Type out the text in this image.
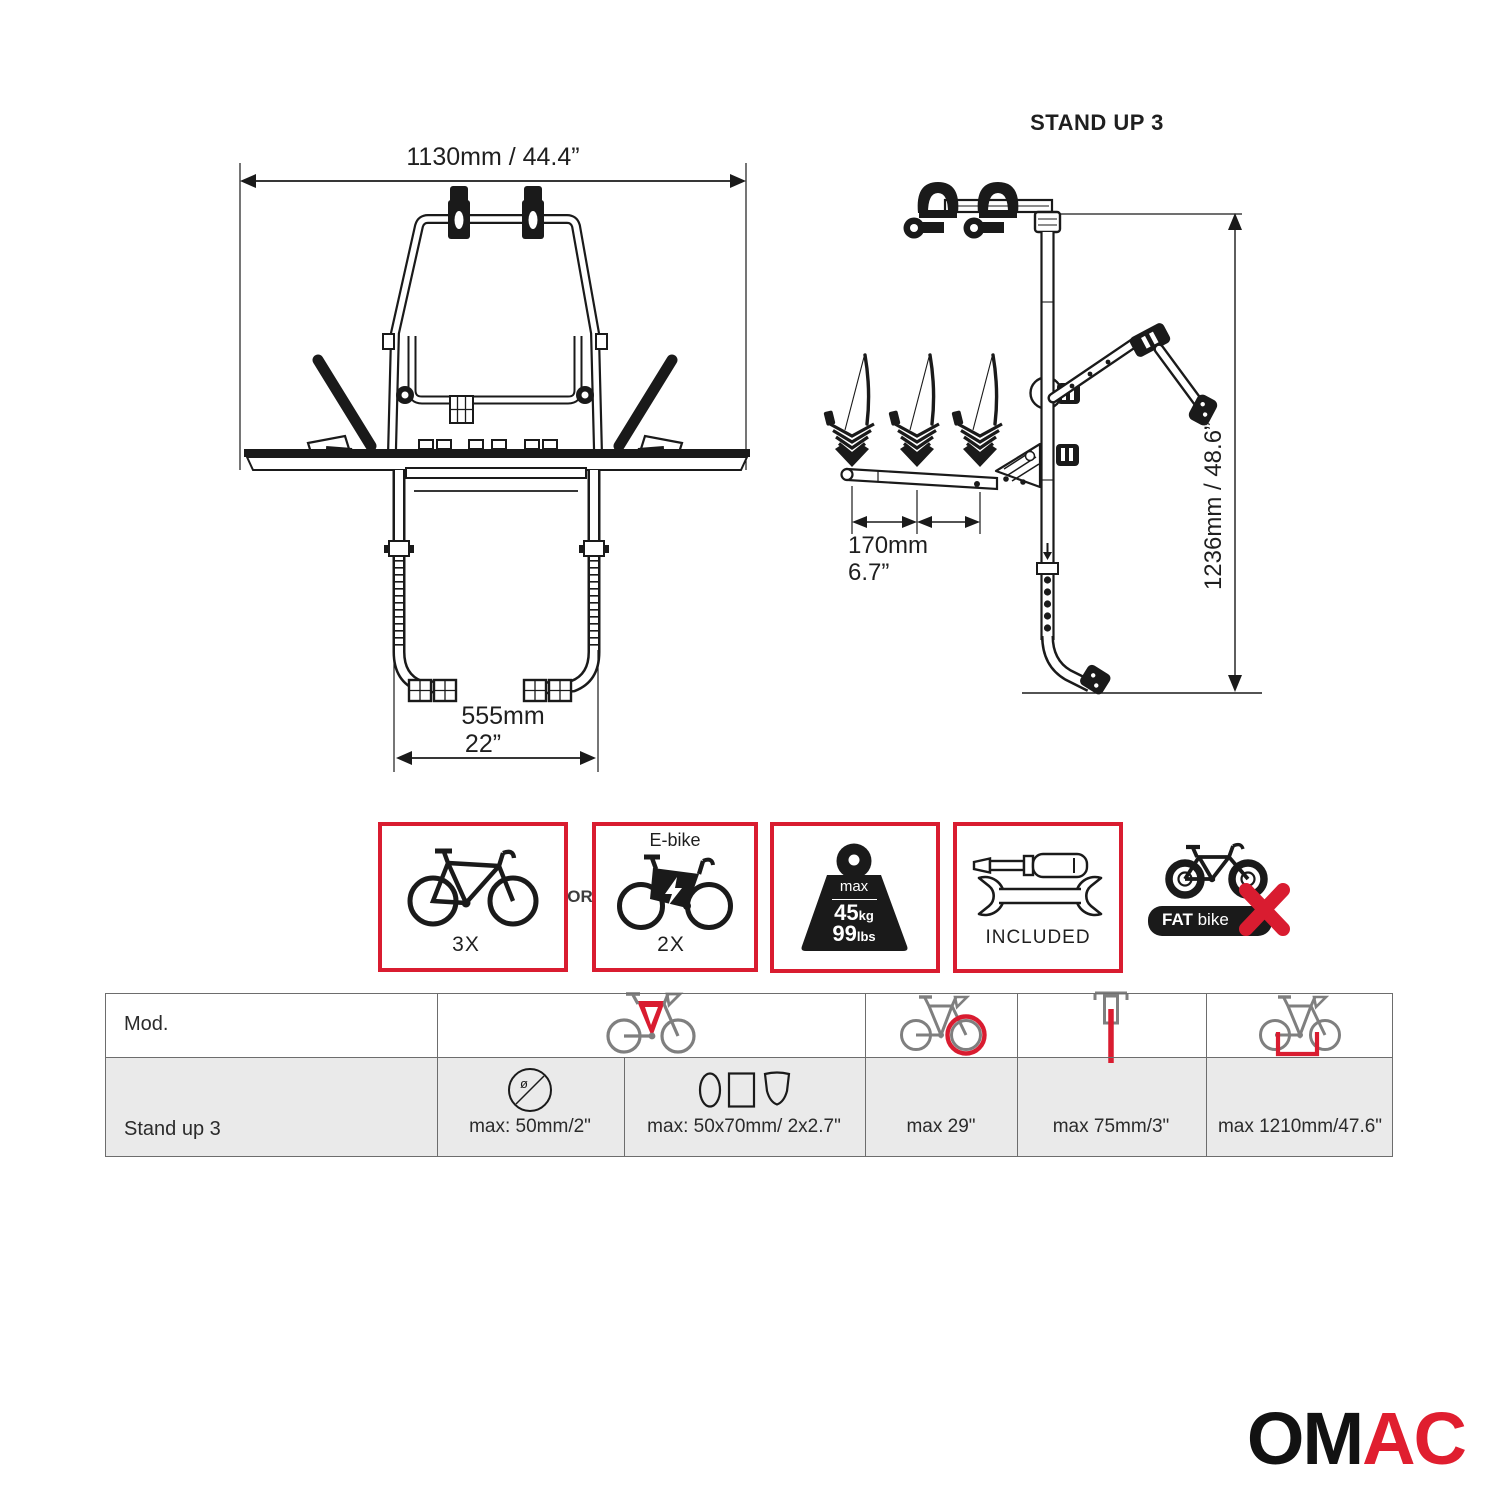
ø
1130mm / 44.4”
555mm
22”
STAND UP 3
170mm
6.7”	1236mm / 48.6”
3X
OR
E-bike
2X
max
45kg
99lbs	INCLUDED
FAT bike
Mod.
Stand up 3	max: 50mm/2"	max: 50x70mm/ 2x2.7"	max 29"	max 75mm/3"	max 1210mm/47.6"
OMAC
